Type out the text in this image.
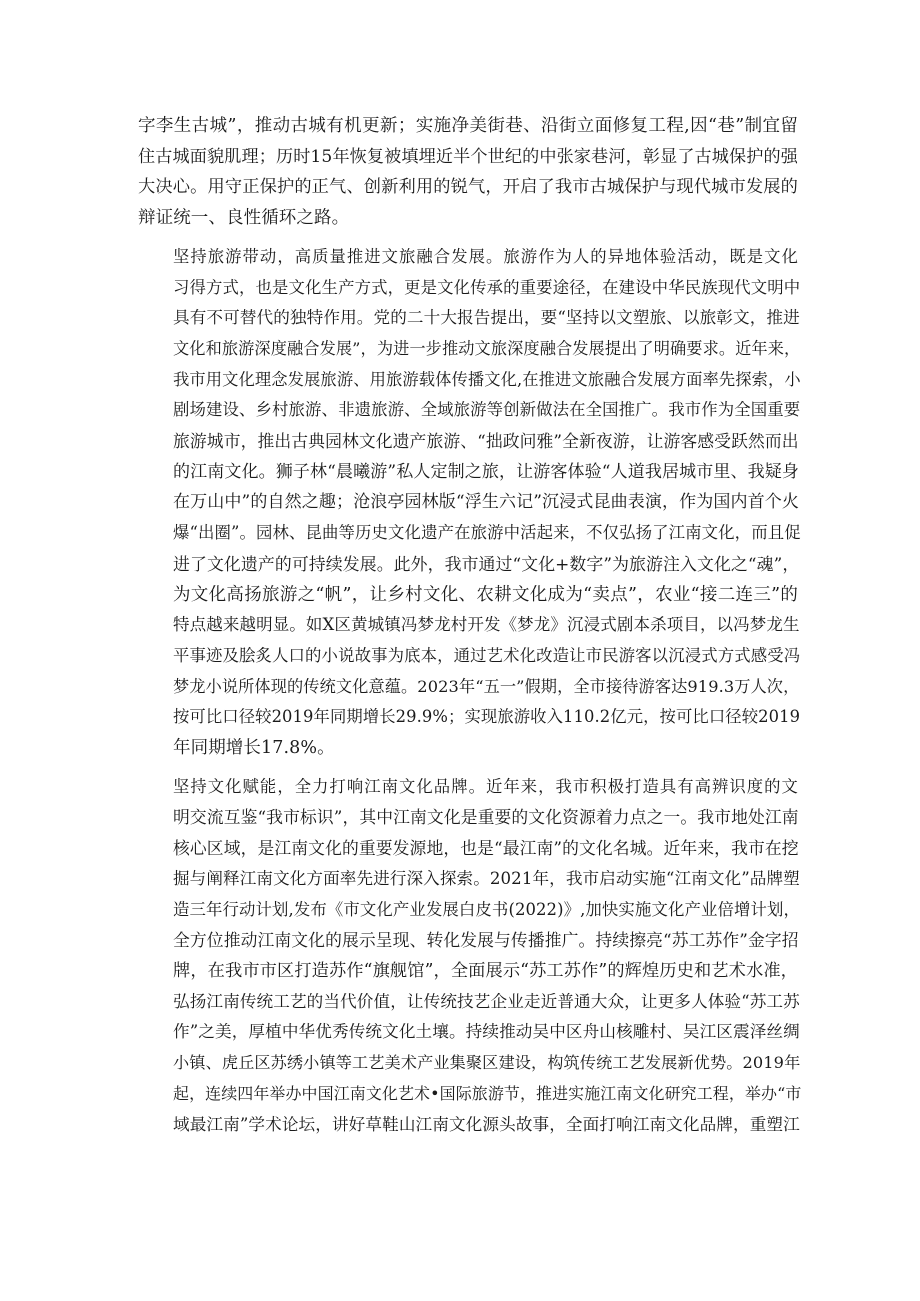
字李生古城”，推动古城有机更新；实施净美街巷、沿街立面修复工程,因“巷”制宜留
住古城面貌肌理；历时15年恢复被填埋近半个世纪的中张家巷河，彰显了古城保护的强
大决心。用守正保护的正气、创新利用的锐气，开启了我市古城保护与现代城市发展的
辩证统一、良性循环之路。
坚持旅游带动，高质量推进文旅融合发展。旅游作为人的异地体验活动，既是文化
习得方式，也是文化生产方式，更是文化传承的重要途径，在建设中华民族现代文明中
具有不可替代的独特作用。党的二十大报告提出，要“坚持以文塑旅、以旅彰文，推进
文化和旅游深度融合发展”，为进一步推动文旅深度融合发展提出了明确要求。近年来，
我市用文化理念发展旅游、用旅游载体传播文化,在推进文旅融合发展方面率先探索，小
剧场建设、乡村旅游、非遗旅游、全域旅游等创新做法在全国推广。我市作为全国重要
旅游城市，推出古典园林文化遗产旅游、“拙政问雅”全新夜游，让游客感受跃然而出
的江南文化。狮子林“晨曦游”私人定制之旅，让游客体验“人道我居城市里、我疑身
在万山中”的自然之趣；沧浪亭园林版“浮生六记”沉浸式昆曲表演，作为国内首个火
爆“出圈”。园林、昆曲等历史文化遗产在旅游中活起来，不仅弘扬了江南文化，而且促
进了文化遗产的可持续发展。此外，我市通过“文化+数字”为旅游注入文化之“魂”，
为文化高扬旅游之“帆”，让乡村文化、农耕文化成为“卖点”，农业“接二连三”的
特点越来越明显。如X区黄城镇冯梦龙村开发《梦龙》沉浸式剧本杀项目，以冯梦龙生
平事迹及脍炙人口的小说故事为底本，通过艺术化改造让市民游客以沉浸式方式感受冯
梦龙小说所体现的传统文化意蕴。2023年“五一”假期，全市接待游客达919.3万人次，
按可比口径较2019年同期增长29.9%；实现旅游收入110.2亿元，按可比口径较2019
年同期增长17.8%。
坚持文化赋能，全力打响江南文化品牌。近年来，我市积极打造具有高辨识度的文
明交流互鉴“我市标识”，其中江南文化是重要的文化资源着力点之一。我市地处江南
核心区域，是江南文化的重要发源地，也是“最江南”的文化名城。近年来，我市在挖
掘与阐释江南文化方面率先进行深入探索。2021年，我市启动实施“江南文化”品牌塑
造三年行动计划,发布《市文化产业发展白皮书(2022)》,加快实施文化产业倍增计划，
全方位推动江南文化的展示呈现、转化发展与传播推广。持续擦亮“苏工苏作”金字招
牌，在我市市区打造苏作“旗舰馆”，全面展示“苏工苏作”的辉煌历史和艺术水准，
弘扬江南传统工艺的当代价值，让传统技艺企业走近普通大众，让更多人体验“苏工苏
作”之美，厚植中华优秀传统文化土壤。持续推动吴中区舟山核雕村、吴江区震泽丝绸
小镇、虎丘区苏绣小镇等工艺美术产业集聚区建设，构筑传统工艺发展新优势。2019年
起，连续四年举办中国江南文化艺术•国际旅游节，推进实施江南文化研究工程，举办“市
域最江南”学术论坛，讲好草鞋山江南文化源头故事，全面打响江南文化品牌，重塑江
